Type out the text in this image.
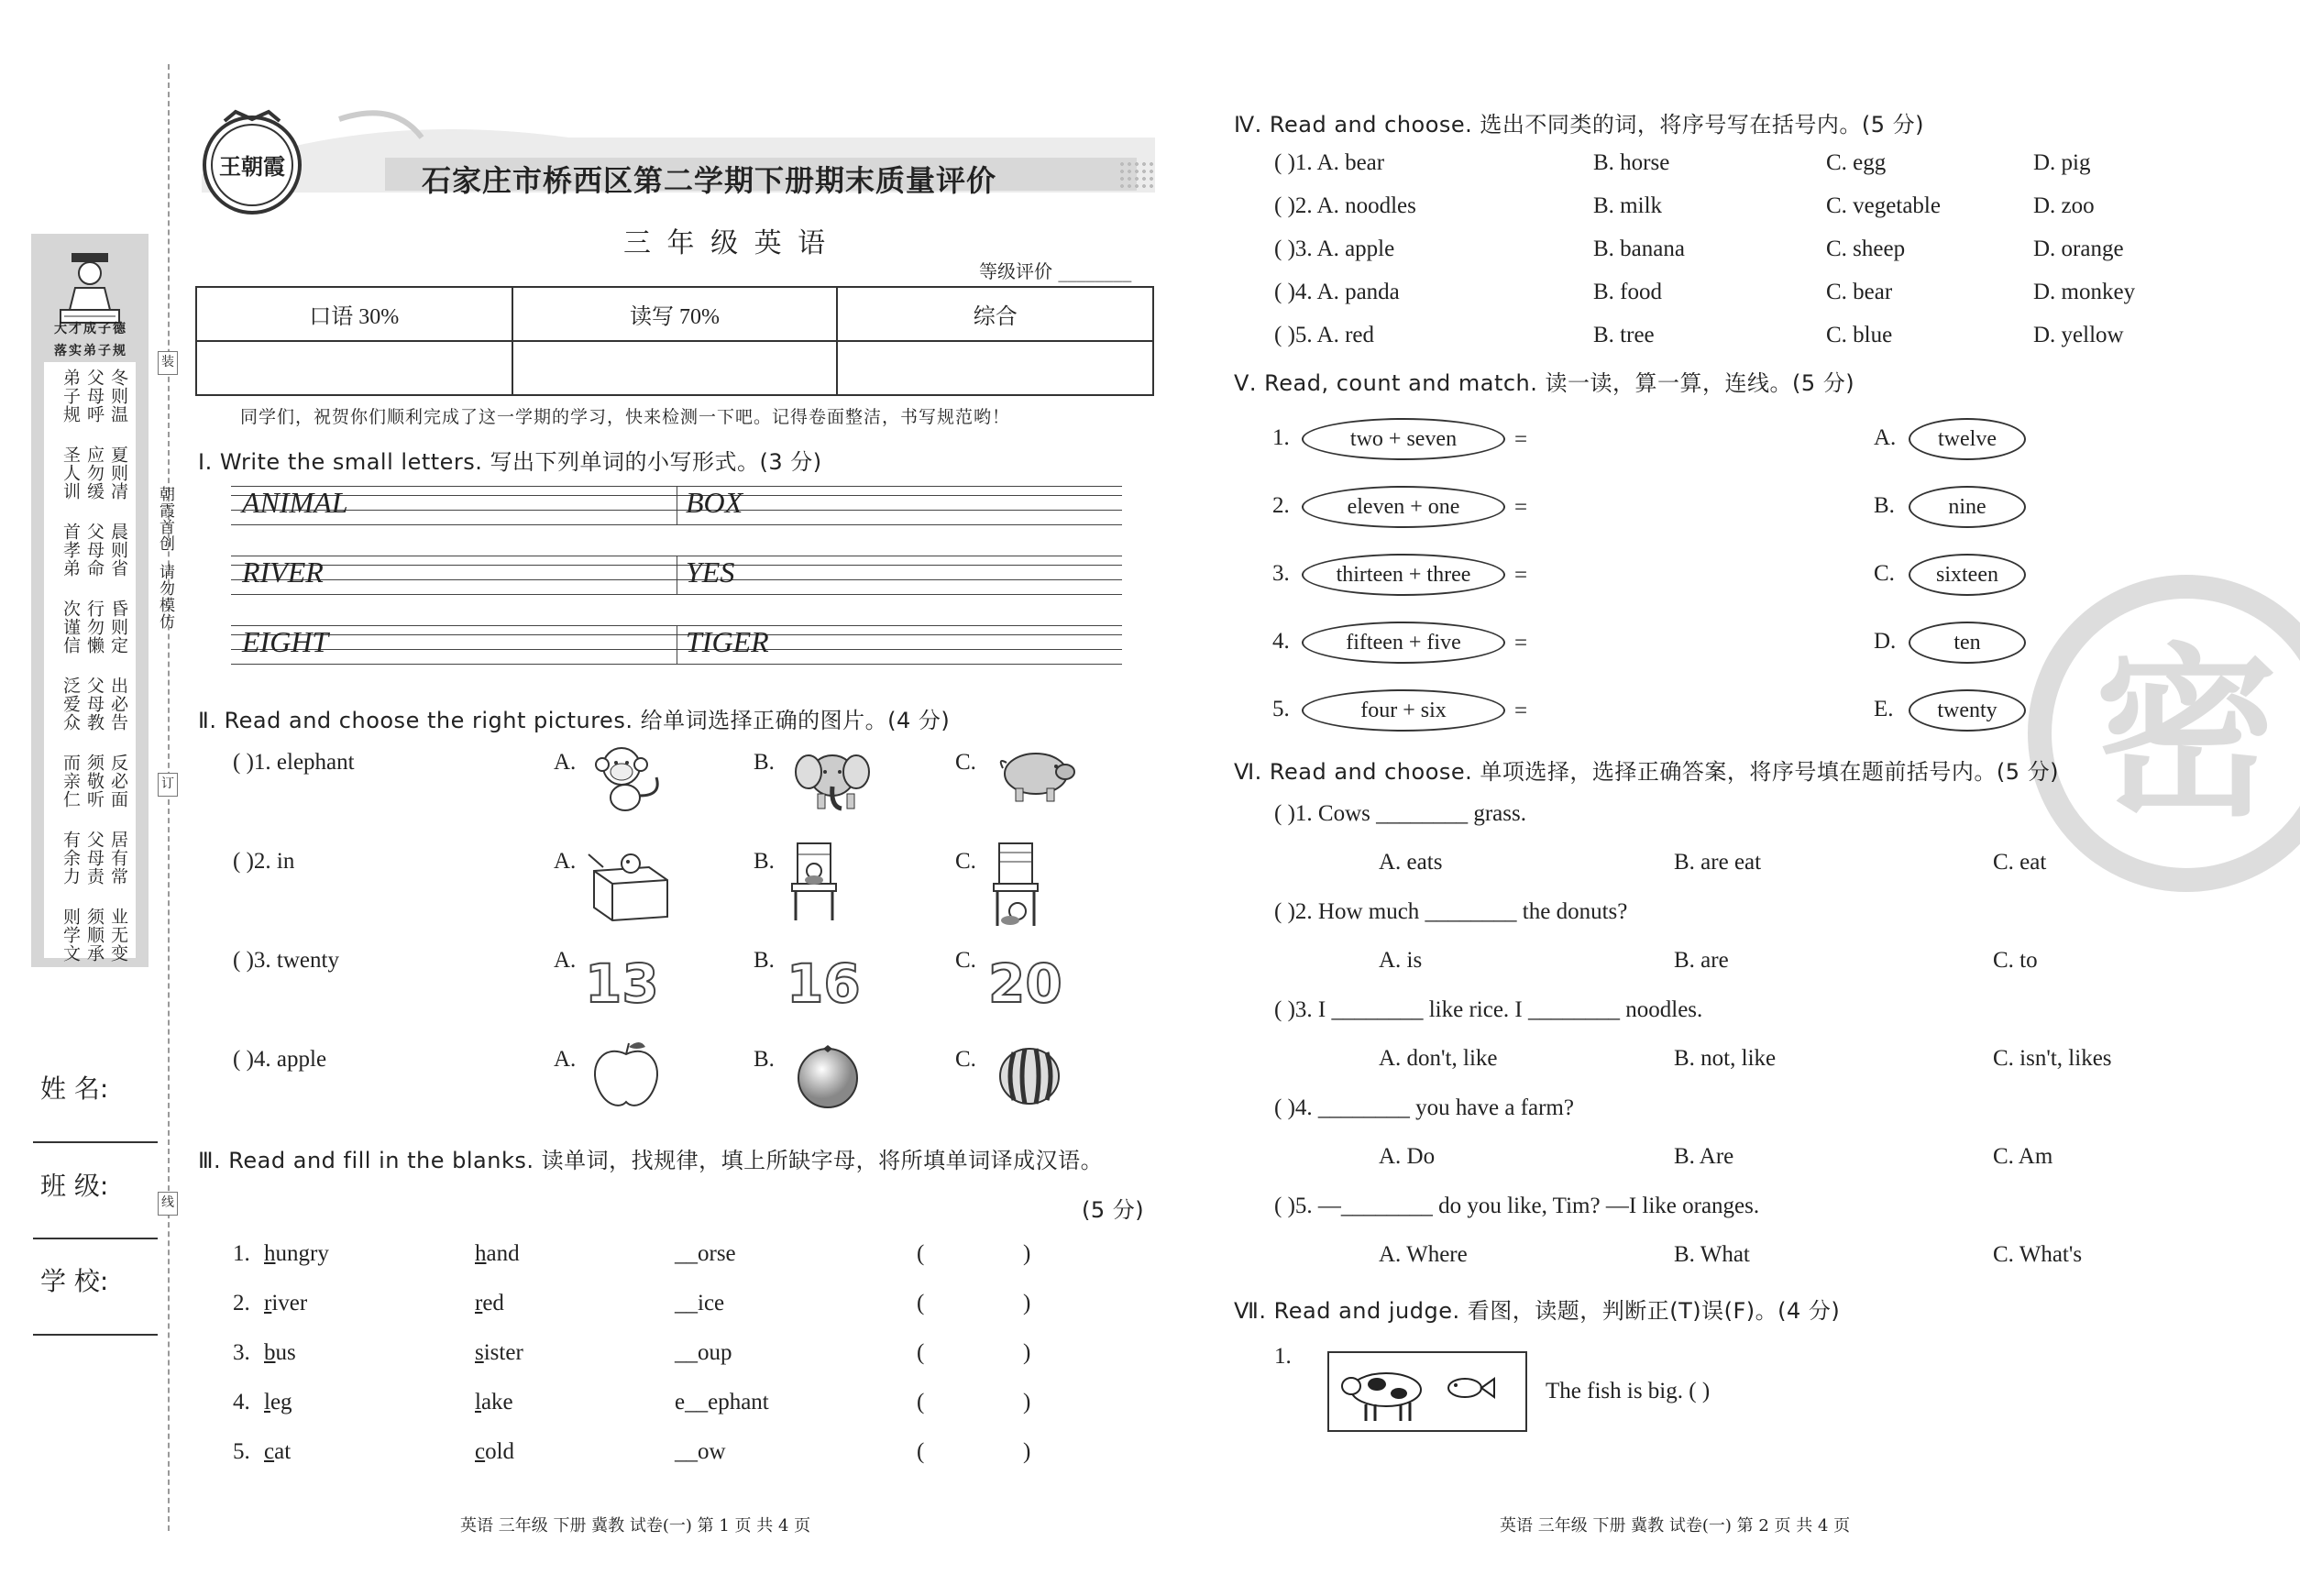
朝霞首创  请勿模仿
装
订
线
大才成子德
落实弟子规
冬则温
父母呼
弟子规
夏则凊
应勿缓
圣人训
晨则省
父母命
首孝弟
昏则定
行勿懒
次谨信
出必告
父母教
泛爱众
反必面
须敬听
而亲仁
居有常
父母责
有余力
业无变
须顺承
则学文
姓 名:
班 级:
学 校:
王朝霞	石家庄市桥西区第二学期下册期末质量评价
三 年 级 英 语
等级评价 ________
口语 30%	读写 70%	综合

同学们，祝贺你们顺利完成了这一学期的学习，快来检测一下吧。记得卷面整洁，书写规范哟！
Ⅰ. Write the small letters. 写出下列单词的小写形式。(3 分)
ANIMAL	BOX
RIVER	YES
EIGHT	TIGER
Ⅱ. Read and choose the right pictures. 给单词选择正确的图片。(4 分)
( )1. elephant	A.	B.	C.
( )2. in	A.	B.	C.
( )3. twenty	A. 13	B. 16	C. 20
( )4. apple	A.	B.	C.
Ⅲ. Read and fill in the blanks. 读单词，找规律，填上所缺字母，将所填单词译成汉语。
(5 分)
1. hungry	hand	__orse	(	)
2. river	red	__ice	(	)
3. bus	sister	__oup	(	)
4. leg	lake	e__ephant	(	)
5. cat	cold	__ow	(	)
英语 三年级 下册 冀教 试卷(一) 第 1 页 共 4 页	英语 三年级 下册 冀教 试卷(一) 第 2 页 共 4 页
密
Ⅳ. Read and choose. 选出不同类的词，将序号写在括号内。(5 分)
( )1. A. bear	B. horse	C. egg	D. pig
( )2. A. noodles	B. milk	C. vegetable	D. zoo
( )3. A. apple	B. banana	C. sheep	D. orange
( )4. A. panda	B. food	C. bear	D. monkey
( )5. A. red	B. tree	C. blue	D. yellow
Ⅴ. Read, count and match. 读一读，算一算，连线。(5 分)
1.	two + seven	=	A.	twelve
2.	eleven + one	=	B.	nine
3.	thirteen + three	=	C.	sixteen
4.	fifteen + five	=	D.	ten
5.	four + six	=	E.	twenty
Ⅵ. Read and choose. 单项选择，选择正确答案，将序号填在题前括号内。(5 分)
( )1. Cows ________ grass.
A. eats	B. are eat	C. eat
( )2. How much ________ the donuts?
A. is	B. are	C. to
( )3. I ________ like rice. I ________ noodles.
A. don't, like	B. not, like	C. isn't, likes
( )4. ________ you have a farm?
A. Do	B. Are	C. Am
( )5. —________ do you like, Tim? —I like oranges.
A. Where	B. What	C. What's
Ⅶ. Read and judge. 看图，读题，判断正(T)误(F)。(4 分)
1.
The fish is big. ( )
